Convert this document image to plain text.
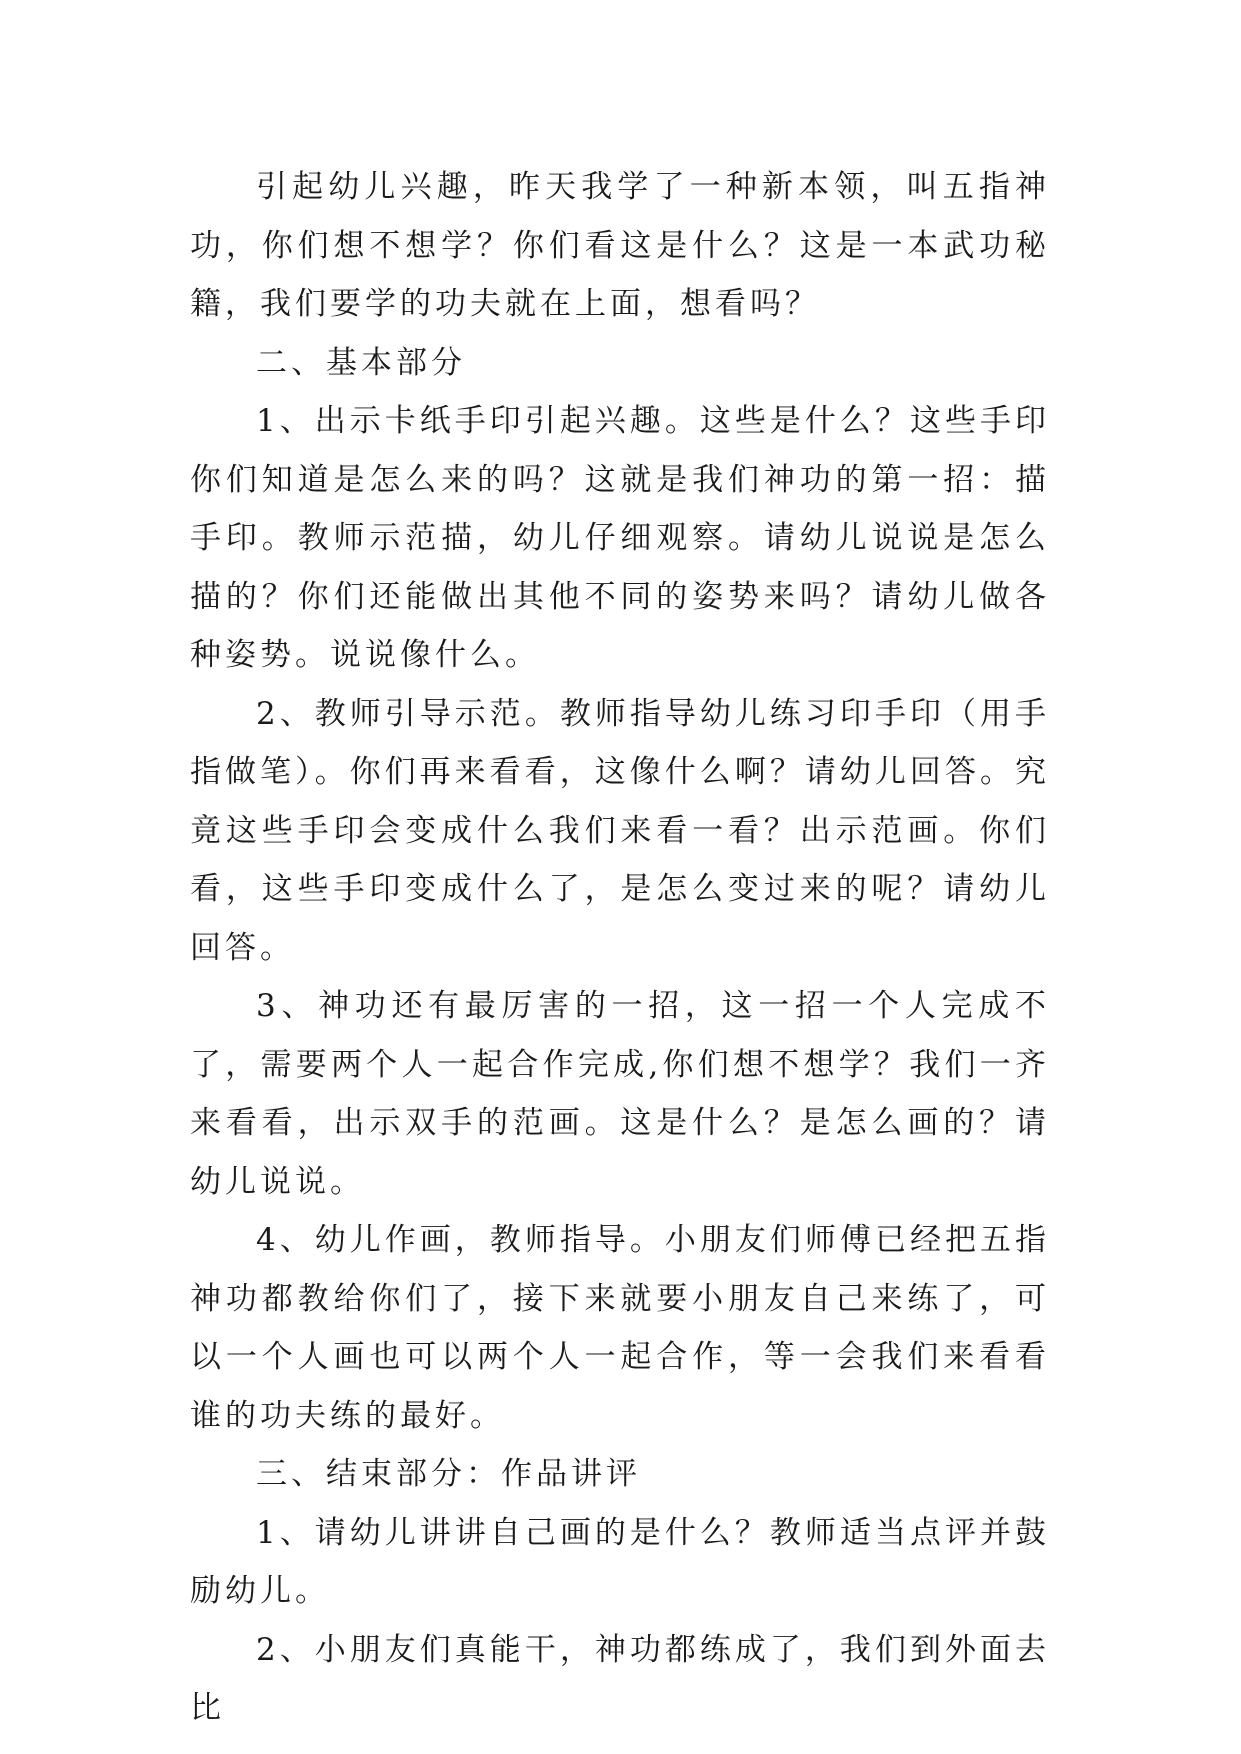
引起幼儿兴趣，昨天我学了一种新本领，叫五指神功，你们想不想学？你们看这是什么？这是一本武功秘籍，我们要学的功夫就在上面，想看吗？

二、基本部分

1、出示卡纸手印引起兴趣。这些是什么？这些手印你们知道是怎么来的吗？这就是我们神功的第一招：描手印。教师示范描，幼儿仔细观察。请幼儿说说是怎么描的？你们还能做出其他不同的姿势来吗？请幼儿做各种姿势。说说像什么。

2、教师引导示范。教师指导幼儿练习印手印（用手指做笔）。你们再来看看，这像什么啊？请幼儿回答。究竟这些手印会变成什么我们来看一看？出示范画。你们看，这些手印变成什么了，是怎么变过来的呢？请幼儿回答。

3、神功还有最厉害的一招，这一招一个人完成不了，需要两个人一起合作完成,你们想不想学？我们一齐来看看，出示双手的范画。这是什么？是怎么画的？请幼儿说说。

4、幼儿作画，教师指导。小朋友们师傅已经把五指神功都教给你们了，接下来就要小朋友自己来练了，可以一个人画也可以两个人一起合作，等一会我们来看看谁的功夫练的最好。

三、结束部分：作品讲评

1、请幼儿讲讲自己画的是什么？教师适当点评并鼓励幼儿。

2、小朋友们真能干，神功都练成了，我们到外面去比
